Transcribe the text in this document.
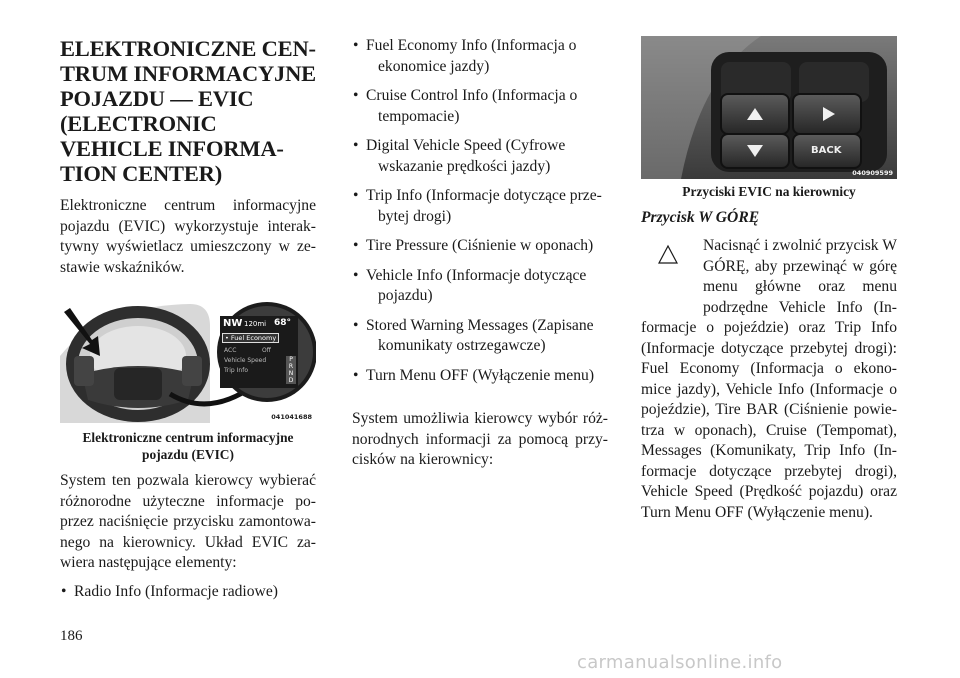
ELEKTRONICZNE CEN-
TRUM INFORMACYJNE
POJAZDU — EVIC
(ELECTRONIC
VEHICLE INFORMA-
TION CENTER)

Elektroniczne centrum informacyjne pojazdu (EVIC) wykorzystuje interak-tywny wyświetlacz umieszczony w ze-stawie wskaźników.

NW 120mi 68°
• Fuel Economy
ACC	Off
Vehicle Speed
Trip Info
P
R
N
D
041041688
Elektroniczne centrum informacyjne
pojazdu (EVIC)

System ten pozwala kierowcy wybierać różnorodne użyteczne informacje po-przez naciśnięcie przycisku zamontowa-nego na kierownicy. Układ EVIC za-wiera następujące elementy:

• Radio Info (Informacje radiowe)
• Fuel Economy Info (Informacja o
ekonomice jazdy)
• Cruise Control Info (Informacja o
tempomacie)
• Digital Vehicle Speed (Cyfrowe
wskazanie prędkości jazdy)
• Trip Info (Informacje dotyczące prze-
bytej drogi)
• Tire Pressure (Ciśnienie w oponach)
• Vehicle Info (Informacje dotyczące
pojazdu)
• Stored Warning Messages (Zapisane
komunikaty ostrzegawcze)
• Turn Menu OFF (Wyłączenie menu)

System umożliwia kierowcy wybór róż-norodnych informacji za pomocą przy-cisków na kierownicy:

BACK
040909599
Przyciski EVIC na kierownicy
Przycisk W GÓRĘ

Nacisnąć i zwolnić przycisk W GÓRĘ, aby przewinąć w górę menu główne oraz menu podrzędne Vehicle Info (In-formacje o pojeździe) oraz Trip Info (Informacje dotyczące przebytej drogi): Fuel Economy (Informacja o ekono-mice jazdy), Vehicle Info (Informacje o pojeździe), Tire BAR (Ciśnienie powie-trza w oponach), Cruise (Tempomat), Messages (Komunikaty, Trip Info (In-formacje dotyczące przebytej drogi), Vehicle Speed (Prędkość pojazdu) oraz Turn Menu OFF (Wyłączenie menu).

186
carmanualsonline.info
